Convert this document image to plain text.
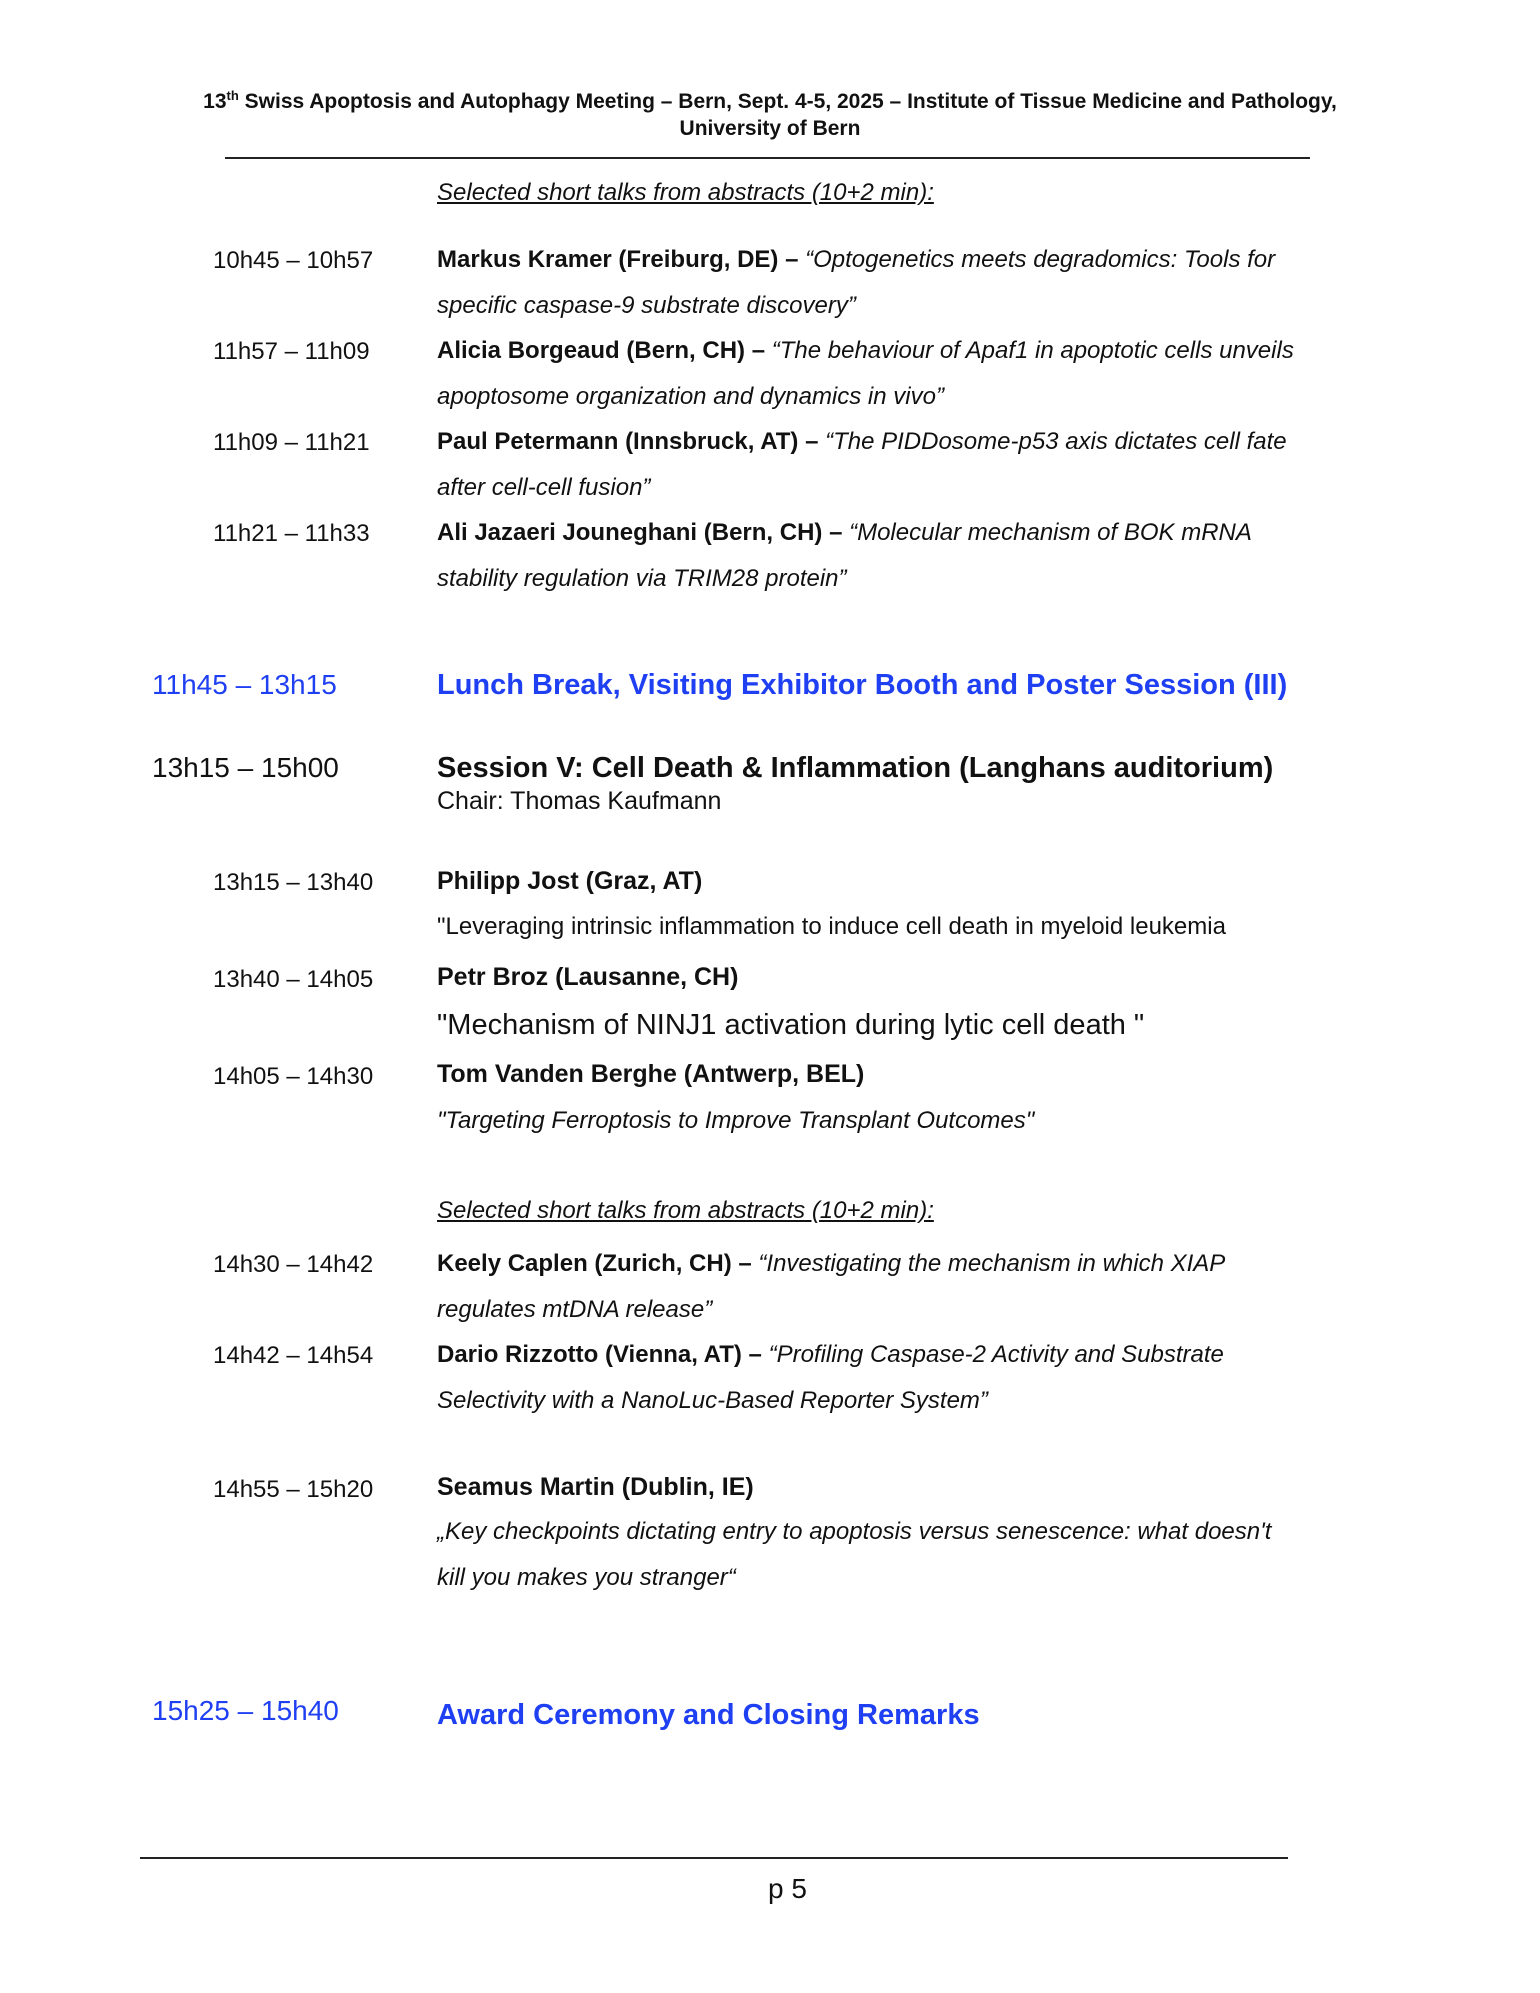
13th Swiss Apoptosis and Autophagy Meeting – Bern, Sept. 4-5, 2025 – Institute of Tissue Medicine and Pathology,
University of Bern
Selected short talks from abstracts (10+2 min):
10h45 – 10h57	Markus Kramer (Freiburg, DE) – “Optogenetics meets degradomics: Tools for
specific caspase-9 substrate discovery”
11h57 – 11h09	Alicia Borgeaud (Bern, CH) – “The behaviour of Apaf1 in apoptotic cells unveils
apoptosome organization and dynamics in vivo”
11h09 – 11h21	Paul Petermann (Innsbruck, AT) – “The PIDDosome-p53 axis dictates cell fate
after cell-cell fusion”
11h21 – 11h33	Ali Jazaeri Jouneghani (Bern, CH) – “Molecular mechanism of BOK mRNA
stability regulation via TRIM28 protein”
11h45 – 13h15	Lunch Break, Visiting Exhibitor Booth and Poster Session (III)
13h15 – 15h00	Session V: Cell Death & Inflammation (Langhans auditorium)
Chair: Thomas Kaufmann
13h15 – 13h40	Philipp Jost (Graz, AT)
"Leveraging intrinsic inflammation to induce cell death in myeloid leukemia
13h40 – 14h05	Petr Broz (Lausanne, CH)
"Mechanism of NINJ1 activation during lytic cell death "
14h05 – 14h30	Tom Vanden Berghe (Antwerp, BEL)
"Targeting Ferroptosis to Improve Transplant Outcomes"
Selected short talks from abstracts (10+2 min):
14h30 – 14h42	Keely Caplen (Zurich, CH) – “Investigating the mechanism in which XIAP
regulates mtDNA release”
14h42 – 14h54	Dario Rizzotto (Vienna, AT) – “Profiling Caspase-2 Activity and Substrate
Selectivity with a NanoLuc-Based Reporter System”
14h55 – 15h20	Seamus Martin (Dublin, IE)
„Key checkpoints dictating entry to apoptosis versus senescence: what doesn't
kill you makes you stranger“
15h25 – 15h40	Award Ceremony and Closing Remarks
p 5
